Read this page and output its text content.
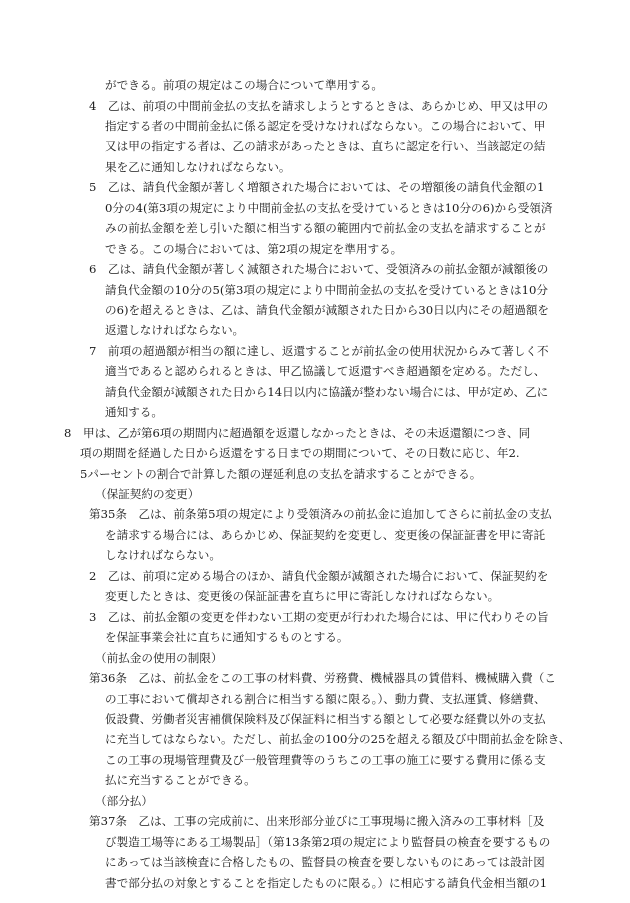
ができる。前項の規定はこの場合について準用する。
4　乙は、前項の中間前金払の支払を請求しようとするときは、あらかじめ、甲又は甲の
指定する者の中間前金払に係る認定を受けなければならない。この場合において、甲
又は甲の指定する者は、乙の請求があったときは、直ちに認定を行い、当該認定の結
果を乙に通知しなければならない。
5　乙は、請負代金額が著しく増額された場合においては、その増額後の請負代金額の1
0分の4(第3項の規定により中間前金払の支払を受けているときは10分の6)から受領済
みの前払金額を差し引いた額に相当する額の範囲内で前払金の支払を請求することが
できる。この場合においては、第2項の規定を準用する。
6　乙は、請負代金額が著しく減額された場合において、受領済みの前払金額が減額後の
請負代金額の10分の5(第3項の規定により中間前金払の支払を受けているときは10分
の6)を超えるときは、乙は、請負代金額が減額された日から30日以内にその超過額を
返還しなければならない。
7　前項の超過額が相当の額に達し、返還することが前払金の使用状況からみて著しく不
適当であると認められるときは、甲乙協議して返還すべき超過額を定める。ただし、
請負代金額が減額された日から14日以内に協議が整わない場合には、甲が定め、乙に
通知する。
8　甲は、乙が第6項の期間内に超過額を返還しなかったときは、その未返還額につき、同
項の期間を経過した日から返還をする日までの期間について、その日数に応じ、年2.
5パーセントの割合で計算した額の遅延利息の支払を請求することができる。
（保証契約の変更）
第35条　乙は、前条第5項の規定により受領済みの前払金に追加してさらに前払金の支払
を請求する場合には、あらかじめ、保証契約を変更し、変更後の保証証書を甲に寄託
しなければならない。
2　乙は、前項に定める場合のほか、請負代金額が減額された場合において、保証契約を
変更したときは、変更後の保証証書を直ちに甲に寄託しなければならない。
3　乙は、前払金額の変更を伴わない工期の変更が行われた場合には、甲に代わりその旨
を保証事業会社に直ちに通知するものとする。
（前払金の使用の制限）
第36条　乙は、前払金をこの工事の材料費、労務費、機械器具の賃借料、機械購入費（こ
の工事において償却される割合に相当する額に限る。）、動力費、支払運賃、修繕費、
仮設費、労働者災害補償保険料及び保証料に相当する額として必要な経費以外の支払
に充当してはならない。ただし、前払金の100分の25を超える額及び中間前払金を除き、
この工事の現場管理費及び一般管理費等のうちこの工事の施工に要する費用に係る支
払に充当することができる。
（部分払）
第37条　乙は、工事の完成前に、出来形部分並びに工事現場に搬入済みの工事材料［及
び製造工場等にある工場製品］（第13条第2項の規定により監督員の検査を要するもの
にあっては当該検査に合格したもの、監督員の検査を要しないものにあっては設計図
書で部分払の対象とすることを指定したものに限る。）に相応する請負代金相当額の1
